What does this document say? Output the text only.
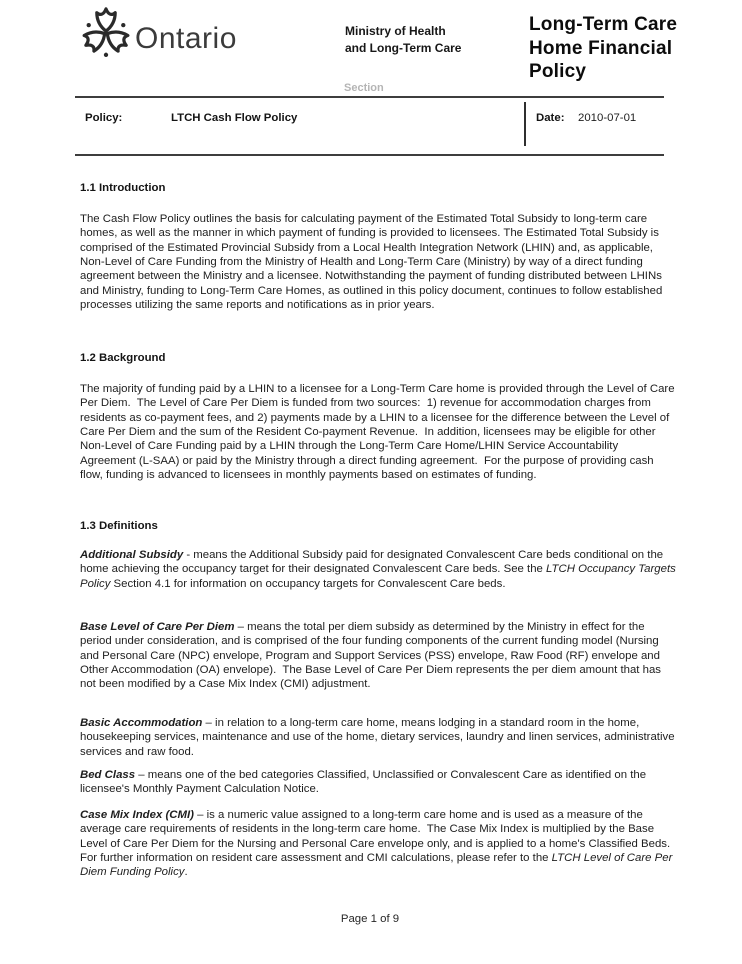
Ontario	Ministry of Health
and Long-Term Care
Section
Long-Term Care
Home Financial
Policy
Policy:	LTCH Cash Flow Policy	Date: 2010-07-01
1.1 Introduction
The Cash Flow Policy outlines the basis for calculating payment of the Estimated Total Subsidy to long-term care homes, as well as the manner in which payment of funding is provided to licensees. The Estimated Total Subsidy is comprised of the Estimated Provincial Subsidy from a Local Health Integration Network (LHIN) and, as applicable, Non-Level of Care Funding from the Ministry of Health and Long-Term Care (Ministry) by way of a direct funding agreement between the Ministry and a licensee. Notwithstanding the payment of funding distributed between LHINs and Ministry, funding to Long-Term Care Homes, as outlined in this policy document, continues to follow established processes utilizing the same reports and notifications as in prior years.
1.2 Background
The majority of funding paid by a LHIN to a licensee for a Long-Term Care home is provided through the Level of Care Per Diem.  The Level of Care Per Diem is funded from two sources:  1) revenue for accommodation charges from residents as co-payment fees, and 2) payments made by a LHIN to a licensee for the difference between the Level of Care Per Diem and the sum of the Resident Co-payment Revenue.  In addition, licensees may be eligible for other Non-Level of Care Funding paid by a LHIN through the Long-Term Care Home/LHIN Service Accountability Agreement (L-SAA) or paid by the Ministry through a direct funding agreement.  For the purpose of providing cash flow, funding is advanced to licensees in monthly payments based on estimates of funding.
1.3 Definitions
Additional Subsidy - means the Additional Subsidy paid for designated Convalescent Care beds conditional on the home achieving the occupancy target for their designated Convalescent Care beds. See the LTCH Occupancy Targets Policy Section 4.1 for information on occupancy targets for Convalescent Care beds.
Base Level of Care Per Diem – means the total per diem subsidy as determined by the Ministry in effect for the period under consideration, and is comprised of the four funding components of the current funding model (Nursing and Personal Care (NPC) envelope, Program and Support Services (PSS) envelope, Raw Food (RF) envelope and Other Accommodation (OA) envelope).  The Base Level of Care Per Diem represents the per diem amount that has not been modified by a Case Mix Index (CMI) adjustment.
Basic Accommodation – in relation to a long-term care home, means lodging in a standard room in the home, housekeeping services, maintenance and use of the home, dietary services, laundry and linen services, administrative services and raw food.
Bed Class – means one of the bed categories Classified, Unclassified or Convalescent Care as identified on the licensee's Monthly Payment Calculation Notice.
Case Mix Index (CMI) – is a numeric value assigned to a long-term care home and is used as a measure of the average care requirements of residents in the long-term care home.  The Case Mix Index is multiplied by the Base Level of Care Per Diem for the Nursing and Personal Care envelope only, and is applied to a home's Classified Beds. For further information on resident care assessment and CMI calculations, please refer to the LTCH Level of Care Per Diem Funding Policy.
Page 1 of 9
